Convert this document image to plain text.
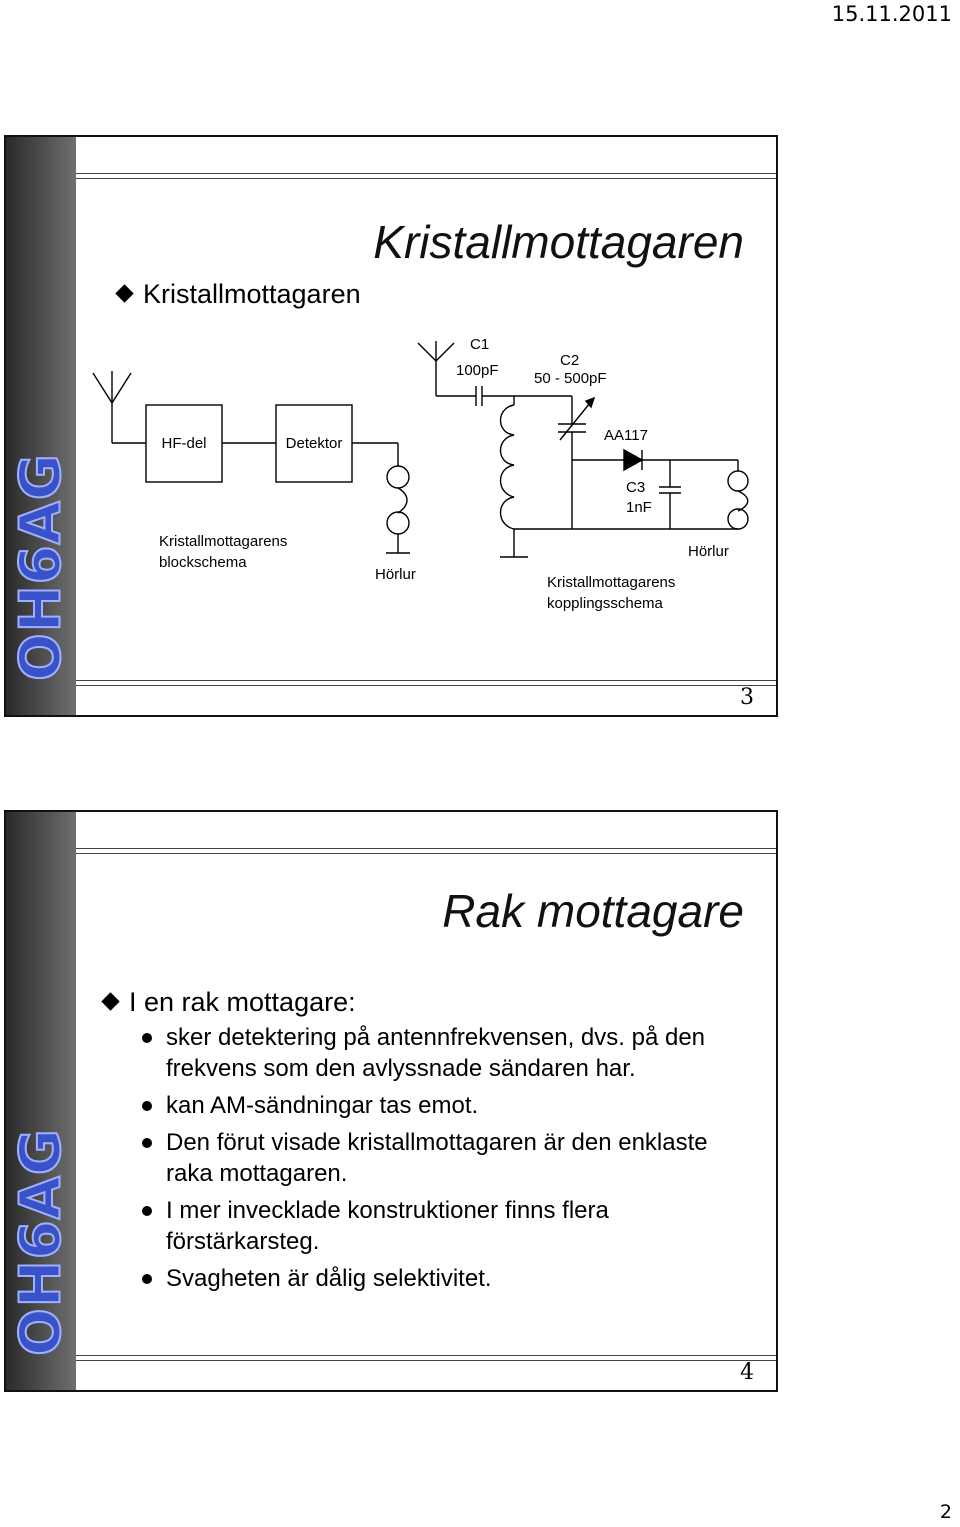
15.11.2011
OH6AG
Kristallmottagaren
Kristallmottagaren
HF-del	Detektor
Kristallmottagarens
blockschema
Hörlur
C1
100pF
C2
50 - 500pF
AA117
C3
1nF
Hörlur
Kristallmottagarens
kopplingsschema
3
OH6AG
Rak mottagare
I en rak mottagare:
sker detektering på antennfrekvensen, dvs. på den frekvens som den avlyssnade sändaren har.
kan AM-sändningar tas emot.
Den förut visade kristallmottagaren är den enklaste raka mottagaren.
I mer invecklade konstruktioner finns flera förstärkarsteg.
Svagheten är dålig selektivitet.
4
2
